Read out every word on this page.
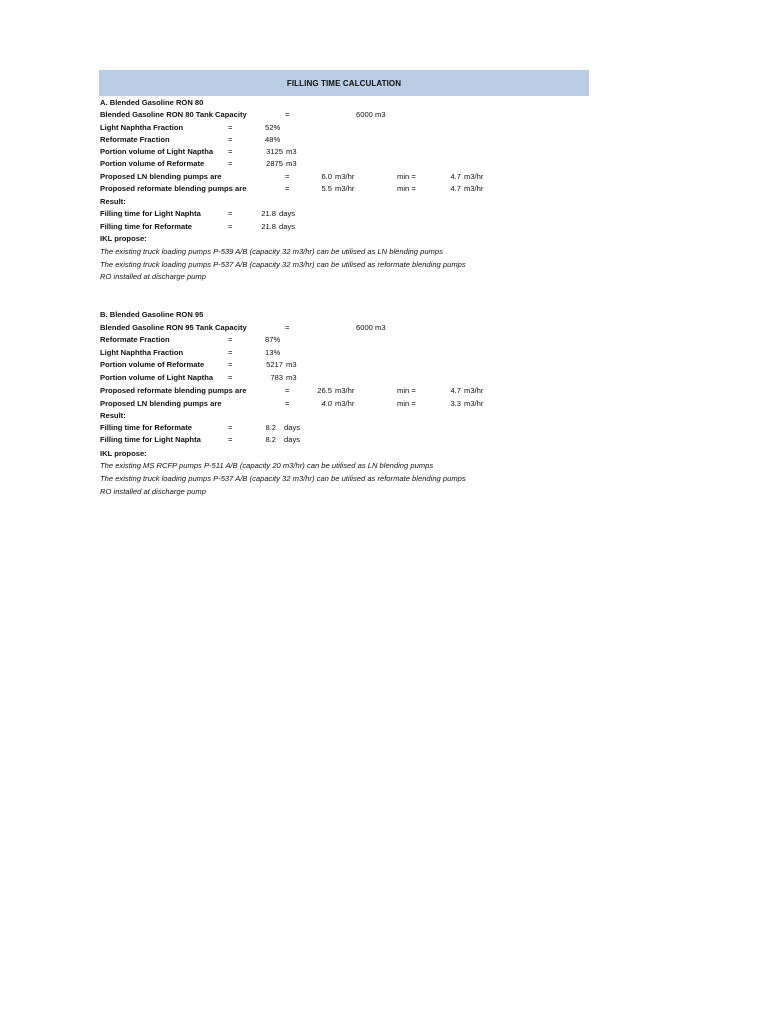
FILLING TIME CALCULATION
A. Blended Gasoline RON 80
Blended Gasoline RON 80 Tank Capacity	=	6000 m3
Light Naphtha Fraction	=	52%
Reformate Fraction	=	48%
Portion volume of Light Naptha =	3125 m3
Portion volume of Reformate	=	2875 m3
Proposed LN blending pumps are	=	6.0 m3/hr	min =	4.7 m3/hr
Proposed reformate blending pumps are	=	5.5 m3/hr	min =	4.7 m3/hr
Result:
Filling time for Light Naphta	=	21.8 days
Filling time for Reformate	=	21.8 days
IKL propose:
The existing truck loading pumps P-539 A/B (capacity 32 m3/hr) can be utilised as LN blending pumps
The existing truck loading pumps P-537 A/B (capacity 32 m3/hr) can be utilised as reformate blending pumps
RO installed at discharge pump
B. Blended Gasoline RON 95
Blended Gasoline RON 95 Tank Capacity	=	6000 m3
Reformate Fraction	=	87%
Light Naphtha Fraction	=	13%
Portion volume of Reformate	=	5217 m3
Portion volume of Light Naptha =	783 m3
Proposed reformate blending pumps are	=	26.5 m3/hr	min =	4.7 m3/hr
Proposed LN blending pumps are	=	4.0 m3/hr	min =	3.3 m3/hr
Result:
Filling time for Reformate	=	8.2 days
Filling time for Light Naphta	=	8.2 days
IKL propose:
The existing MS RCFP pumps P-511 A/B (capacity 20 m3/hr) can be utilised as LN blending pumps
The existing truck loading pumps P-537 A/B (capacity 32 m3/hr) can be utilised as reformate blending pumps
RO installed at discharge pump
